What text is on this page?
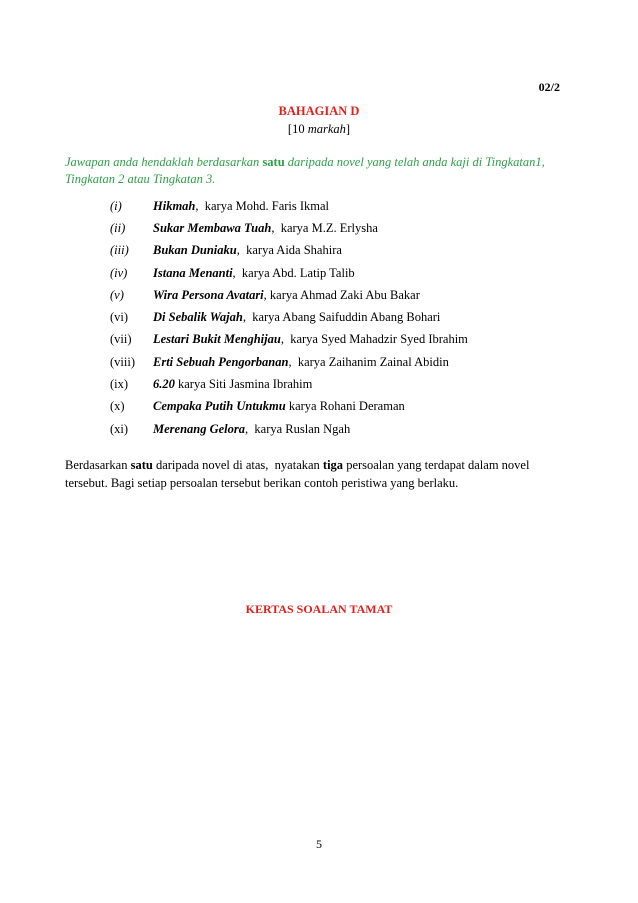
02/2
BAHAGIAN D
[10 markah]
Jawapan anda hendaklah berdasarkan satu daripada novel yang telah anda kaji di Tingkatan1, Tingkatan 2 atau Tingkatan 3.
(i)	Hikmah,  karya Mohd. Faris Ikmal
(ii)	Sukar Membawa Tuah,  karya M.Z. Erlysha
(iii)	Bukan Duniaku,  karya Aida Shahira
(iv)	Istana Menanti,  karya Abd. Latip Talib
(v)	Wira Persona Avatari, karya Ahmad Zaki Abu Bakar
(vi)	Di Sebalik Wajah,  karya Abang Saifuddin Abang Bohari
(vii)	Lestari Bukit Menghijau,  karya Syed Mahadzir Syed Ibrahim
(viii)	Erti Sebuah Pengorbanan,  karya Zaihanim Zainal Abidin
(ix)	6.20 karya Siti Jasmina Ibrahim
(x)	Cempaka Putih Untukmu karya Rohani Deraman
(xi)	Merenang Gelora,  karya Ruslan Ngah
Berdasarkan satu daripada novel di atas,  nyatakan tiga persoalan yang terdapat dalam novel tersebut. Bagi setiap persoalan tersebut berikan contoh peristiwa yang berlaku.
KERTAS SOALAN TAMAT
5
